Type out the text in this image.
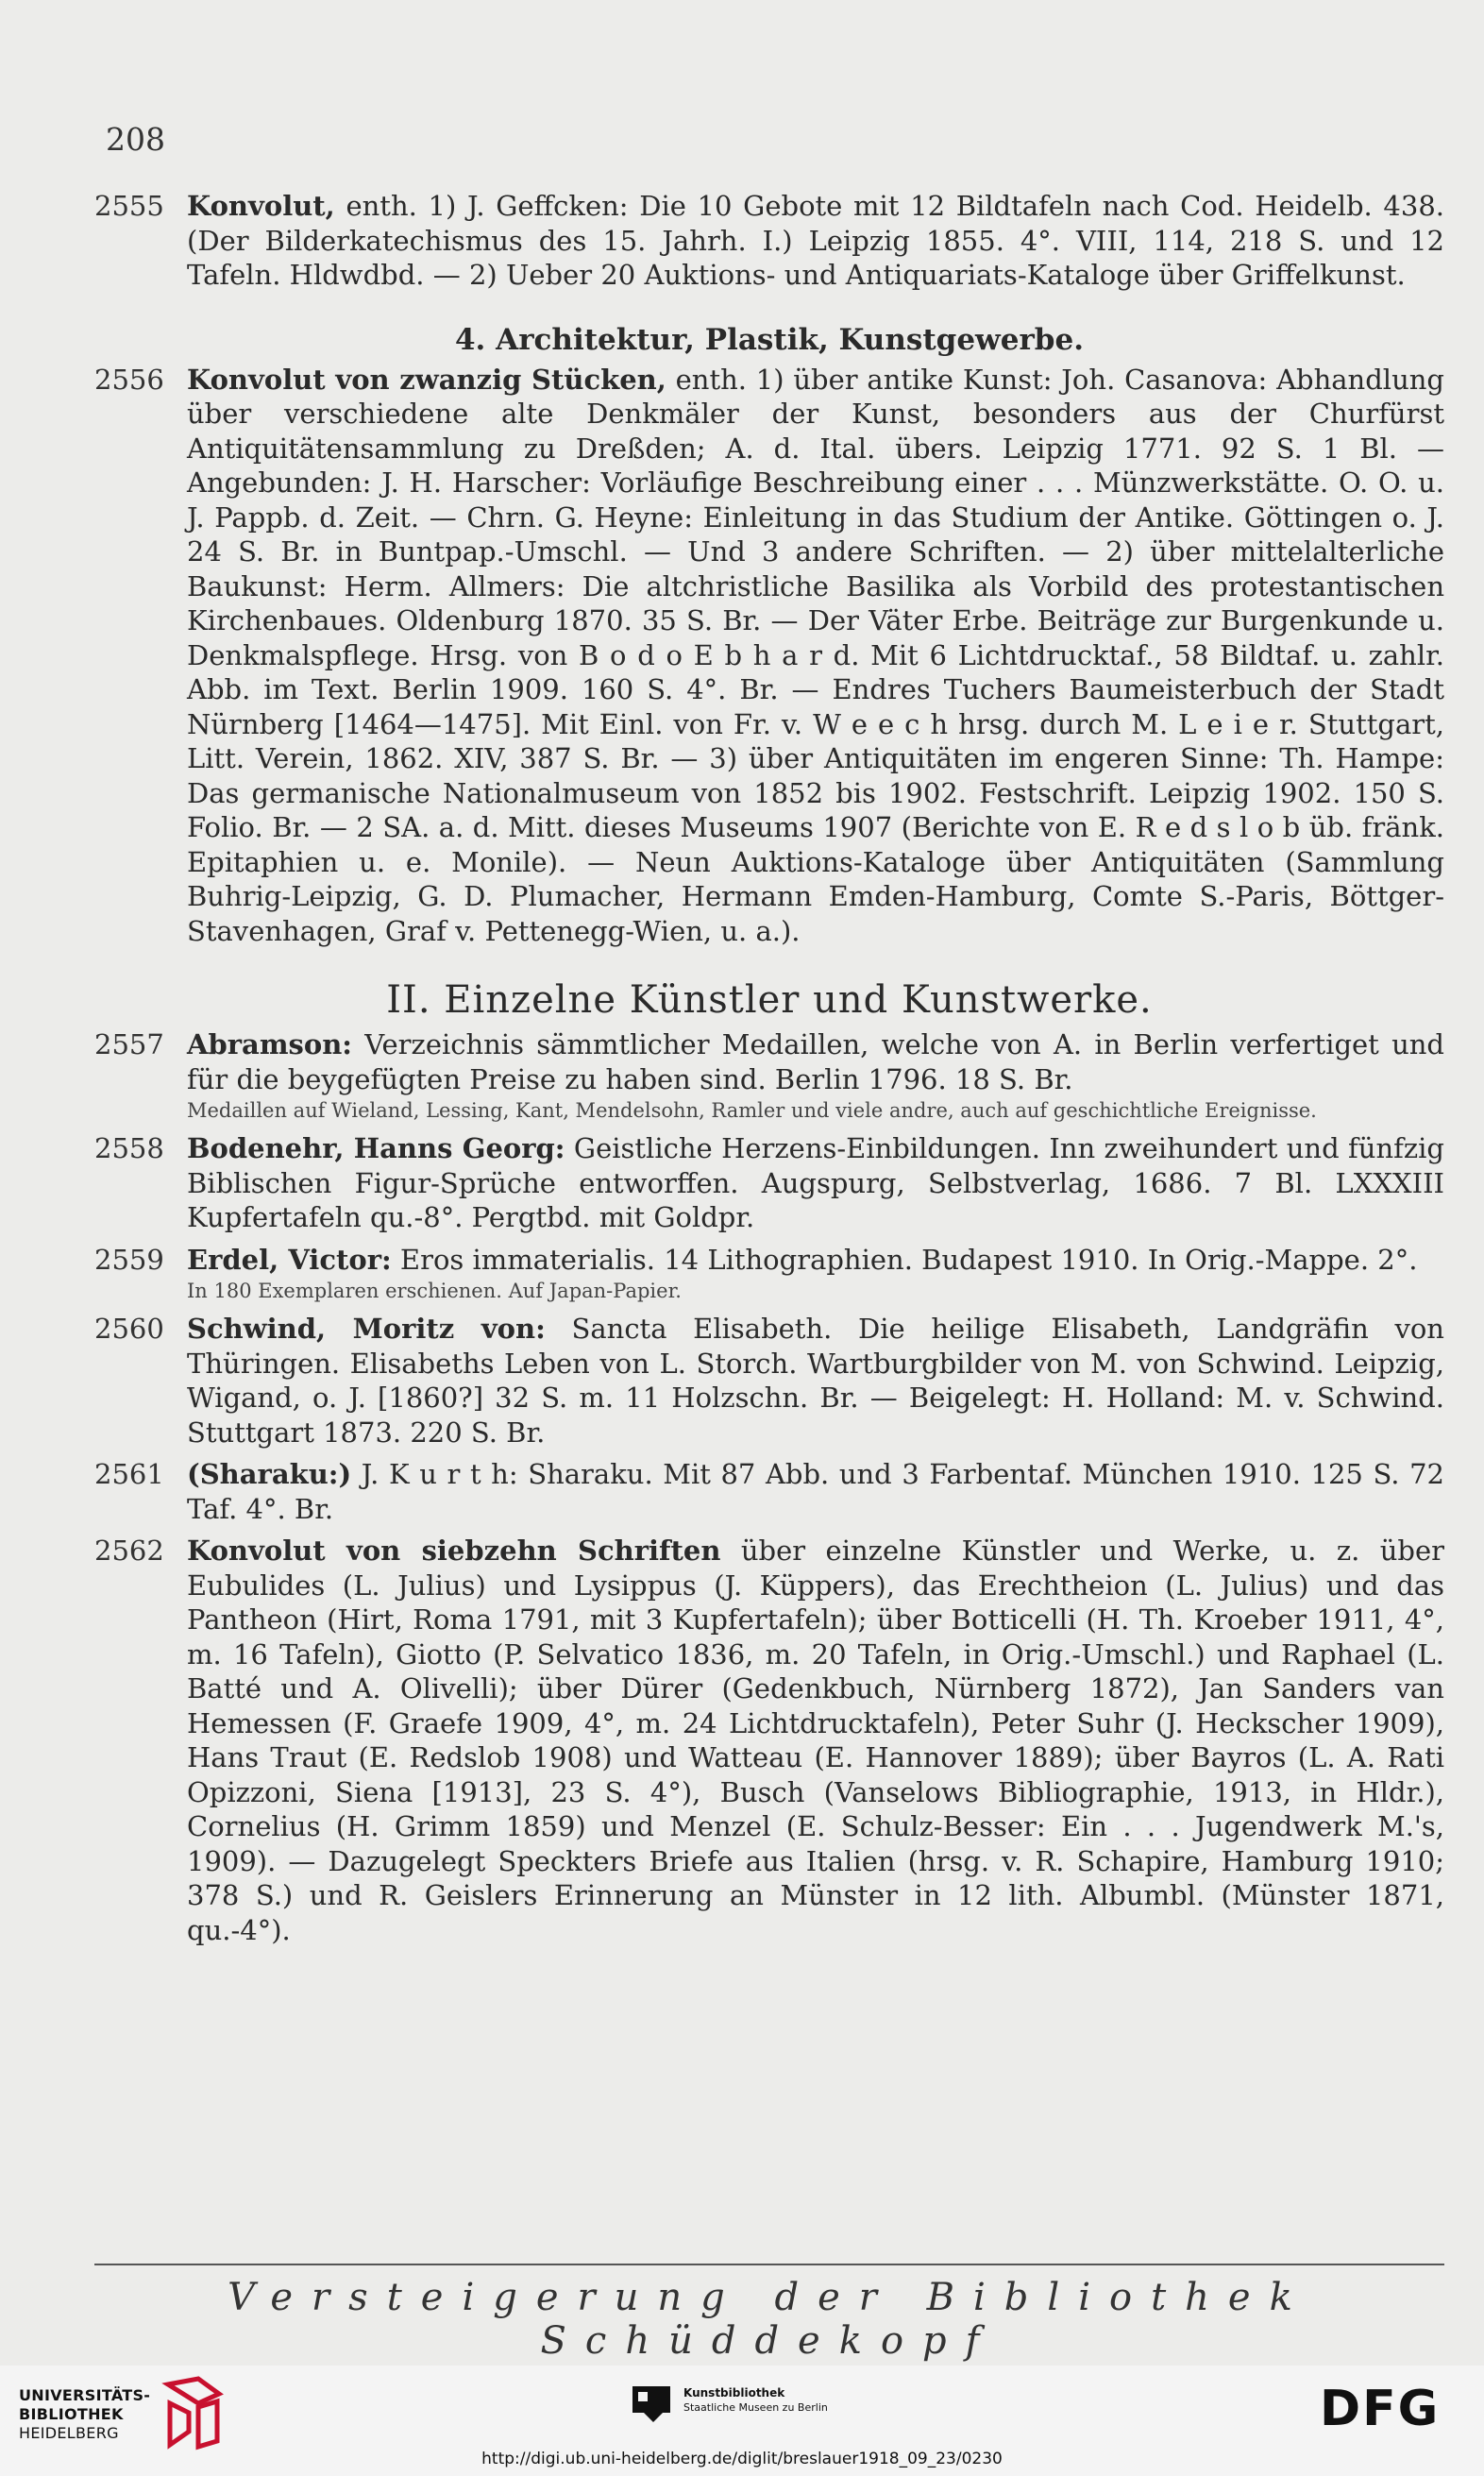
208
2555 Konvolut, enth. 1) J. Geffcken: Die 10 Gebote mit 12 Bildtafeln nach Cod. Heidelb. 438. (Der Bilderkatechismus des 15. Jahrh. I.) Leipzig 1855. 4°. VIII, 114, 218 S. und 12 Tafeln. Hldwdbd. — 2) Ueber 20 Auktions- und Antiquariats-Kataloge über Griffelkunst.
4. Architektur, Plastik, Kunstgewerbe.
2556 Konvolut von zwanzig Stücken, enth. 1) über antike Kunst: Joh. Casanova: Abhandlung über verschiedene alte Denkmäler der Kunst, besonders aus der Churfürst Antiquitätensammlung zu Dreßden; A. d. Ital. übers. Leipzig 1771. 92 S. 1 Bl. — Angebunden: J. H. Harscher: Vorläufige Beschreibung einer . . . Münzwerkstätte. O. O. u. J. Pappb. d. Zeit. — Chrn. G. Heyne: Einleitung in das Studium der Antike. Göttingen o. J. 24 S. Br. in Buntpap.-Umschl. — Und 3 andere Schriften. — 2) über mittelalterliche Baukunst: Herm. Allmers: Die altchristliche Basilika als Vorbild des protestantischen Kirchenbaues. Oldenburg 1870. 35 S. Br. — Der Väter Erbe. Beiträge zur Burgenkunde u. Denkmalspflege. Hrsg. von B o d o E b h a r d. Mit 6 Lichtdrucktaf., 58 Bildtaf. u. zahlr. Abb. im Text. Berlin 1909. 160 S. 4°. Br. — Endres Tuchers Baumeisterbuch der Stadt Nürnberg [1464—1475]. Mit Einl. von Fr. v. W e e c h hrsg. durch M. L e i e r. Stuttgart, Litt. Verein, 1862. XIV, 387 S. Br. — 3) über Antiquitäten im engeren Sinne: Th. Hampe: Das germanische Nationalmuseum von 1852 bis 1902. Festschrift. Leipzig 1902. 150 S. Folio. Br. — 2 SA. a. d. Mitt. dieses Museums 1907 (Berichte von E. R e d s l o b üb. fränk. Epitaphien u. e. Monile). — Neun Auktions-Kataloge über Antiquitäten (Sammlung Buhrig-Leipzig, G. D. Plumacher, Hermann Emden-Hamburg, Comte S.-Paris, Böttger-Stavenhagen, Graf v. Pettenegg-Wien, u. a.).
II. Einzelne Künstler und Kunstwerke.
2557 Abramson: Verzeichnis sämmtlicher Medaillen, welche von A. in Berlin verfertiget und für die beygefügten Preise zu haben sind. Berlin 1796. 18 S. Br.
Medaillen auf Wieland, Lessing, Kant, Mendelsohn, Ramler und viele andre, auch auf geschichtliche Ereignisse.
2558 Bodenehr, Hanns Georg: Geistliche Herzens-Einbildungen. Inn zweihundert und fünfzig Biblischen Figur-Sprüche entworffen. Augspurg, Selbstverlag, 1686. 7 Bl. LXXXIII Kupfertafeln qu.-8°. Pergtbd. mit Goldpr.
2559 Erdel, Victor: Eros immaterialis. 14 Lithographien. Budapest 1910. In Orig.-Mappe. 2°.
In 180 Exemplaren erschienen. Auf Japan-Papier.
2560 Schwind, Moritz von: Sancta Elisabeth. Die heilige Elisabeth, Landgräfin von Thüringen. Elisabeths Leben von L. Storch. Wartburgbilder von M. von Schwind. Leipzig, Wigand, o. J. [1860?] 32 S. m. 11 Holzschn. Br. — Beigelegt: H. Holland: M. v. Schwind. Stuttgart 1873. 220 S. Br.
2561 (Sharaku:) J. K u r t h: Sharaku. Mit 87 Abb. und 3 Farbentaf. München 1910. 125 S. 72 Taf. 4°. Br.
2562 Konvolut von siebzehn Schriften über einzelne Künstler und Werke, u. z. über Eubulides (L. Julius) und Lysippus (J. Küppers), das Erechtheion (L. Julius) und das Pantheon (Hirt, Roma 1791, mit 3 Kupfertafeln); über Botticelli (H. Th. Kroeber 1911, 4°, m. 16 Tafeln), Giotto (P. Selvatico 1836, m. 20 Tafeln, in Orig.-Umschl.) und Raphael (L. Batté und A. Olivelli); über Dürer (Gedenkbuch, Nürnberg 1872), Jan Sanders van Hemessen (F. Graefe 1909, 4°, m. 24 Lichtdrucktafeln), Peter Suhr (J. Heckscher 1909), Hans Traut (E. Redslob 1908) und Watteau (E. Hannover 1889); über Bayros (L. A. Rati Opizzoni, Siena [1913], 23 S. 4°), Busch (Vanselows Bibliographie, 1913, in Hldr.), Cornelius (H. Grimm 1859) und Menzel (E. Schulz-Besser: Ein . . . Jugendwerk M.'s, 1909). — Dazugelegt Speckters Briefe aus Italien (hrsg. v. R. Schapire, Hamburg 1910; 378 S.) und R. Geislers Erinnerung an Münster in 12 lith. Albumbl. (Münster 1871, qu.-4°).
Versteigerung der Bibliothek Schüddekopf
UNIVERSITÄTS-
BIBLIOTHEK
HEIDELBERG
Kunstbibliothek
Staatliche Museen zu Berlin	DFG
http://digi.ub.uni-heidelberg.de/diglit/breslauer1918_09_23/0230
